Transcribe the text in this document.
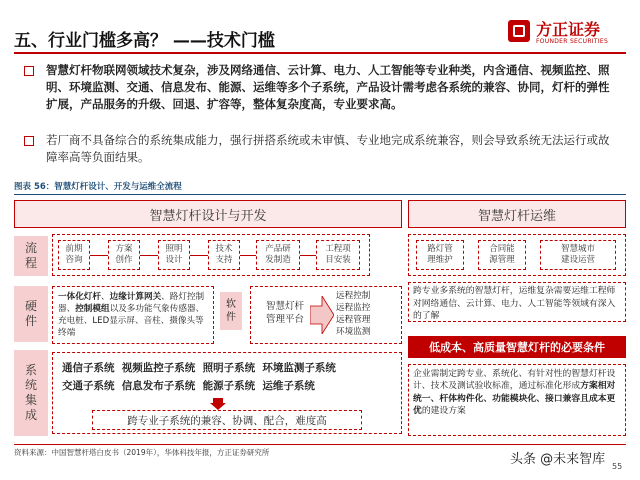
五、行业门槛多高？ ——技术门槛
方正证券
FOUNDER SECURITIES
智慧灯杆物联网领域技术复杂，涉及网络通信、云计算、电力、人工智能等专业种类，内含通信、视频监控、照明、环境监测、交通、信息发布、能源、运维等多个子系统，产品设计需考虑各系统的兼容、协同，灯杆的弹性扩展，产品服务的升级、回退、扩容等，整体复杂度高，专业要求高。
若厂商不具备综合的系统集成能力，强行拼搭系统或未审慎、专业地完成系统兼容，则会导致系统无法运行或故障率高等负面结果。
图表 56：智慧灯杆设计、开发与运维全流程
智慧灯杆设计与开发	智慧灯杆运维
流
程
硬
件
系
统
集
成
前期
咨询
方案
创作
照明
设计
技术
支持
产品研
发制造
工程项
目安装
路灯管
理维护
合同能
源管理
智慧城市
建设运营
一体化灯杆、边缘计算网关、路灯控制器、控制模组以及多功能气象传感器、充电桩、LED显示屏、音柱、摄像头等终端
软
件
智慧灯杆
管理平台
远程控制
远程监控
远程管理
环境监测
跨专业多系统的智慧灯杆，运维复杂需要运维工程师对网络通信、云计算、电力、人工智能等领域有深入的了解
低成本、高质量智慧灯杆的必要条件
通信子系统  视频监控子系统  照明子系统  环境监测子系统
交通子系统  信息发布子系统  能源子系统  运维子系统
跨专业子系统的兼容、协调、配合，难度高
企业需制定跨专业、系统化、有针对性的智慧灯杆设计、技术及测试验收标准，通过标准化形成方案相对统一、杆体构件化、功能模块化、接口兼容且成本更优的建设方案
资料来源：中国智慧杆塔白皮书（2019年），华体科技年报，方正证券研究所	头条 @未来智库 55
